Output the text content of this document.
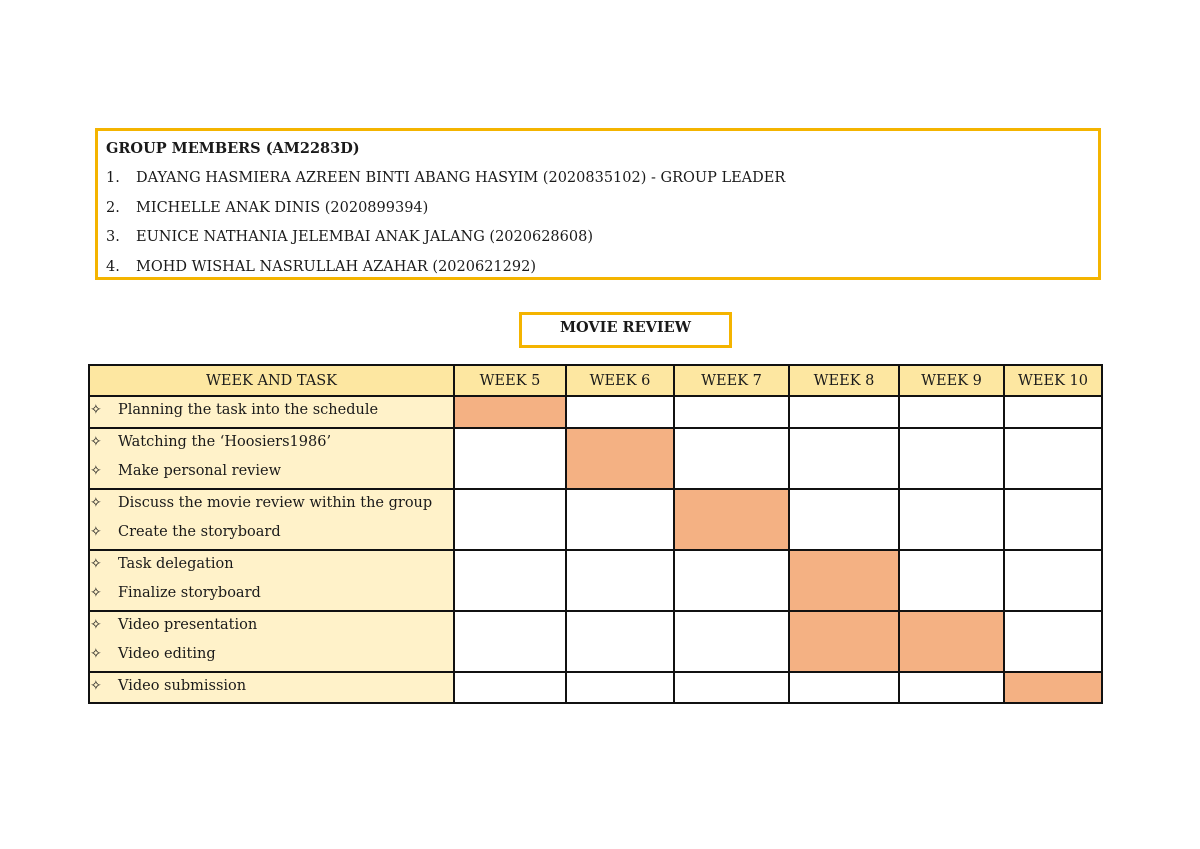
GROUP MEMBERS (AM2283D)
1.	DAYANG HASMIERA AZREEN BINTI ABANG HASYIM (2020835102) - GROUP LEADER
2.	MICHELLE ANAK DINIS (2020899394)
3.	EUNICE NATHANIA JELEMBAI ANAK JALANG (2020628608)
4.	MOHD WISHAL NASRULLAH AZAHAR (2020621292)
MOVIE REVIEW
WEEK AND TASK	WEEK 5	WEEK 6	WEEK 7	WEEK 8	WEEK 9	WEEK 10

✧ Planning the task into the schedule						

✧ Watching the ‘Hoosiers1986’
✧ Make personal review						

✧ Discuss the movie review within the group
✧ Create the storyboard						

✧ Task delegation
✧ Finalize storyboard						

✧ Video presentation
✧ Video editing						

✧ Video submission						
